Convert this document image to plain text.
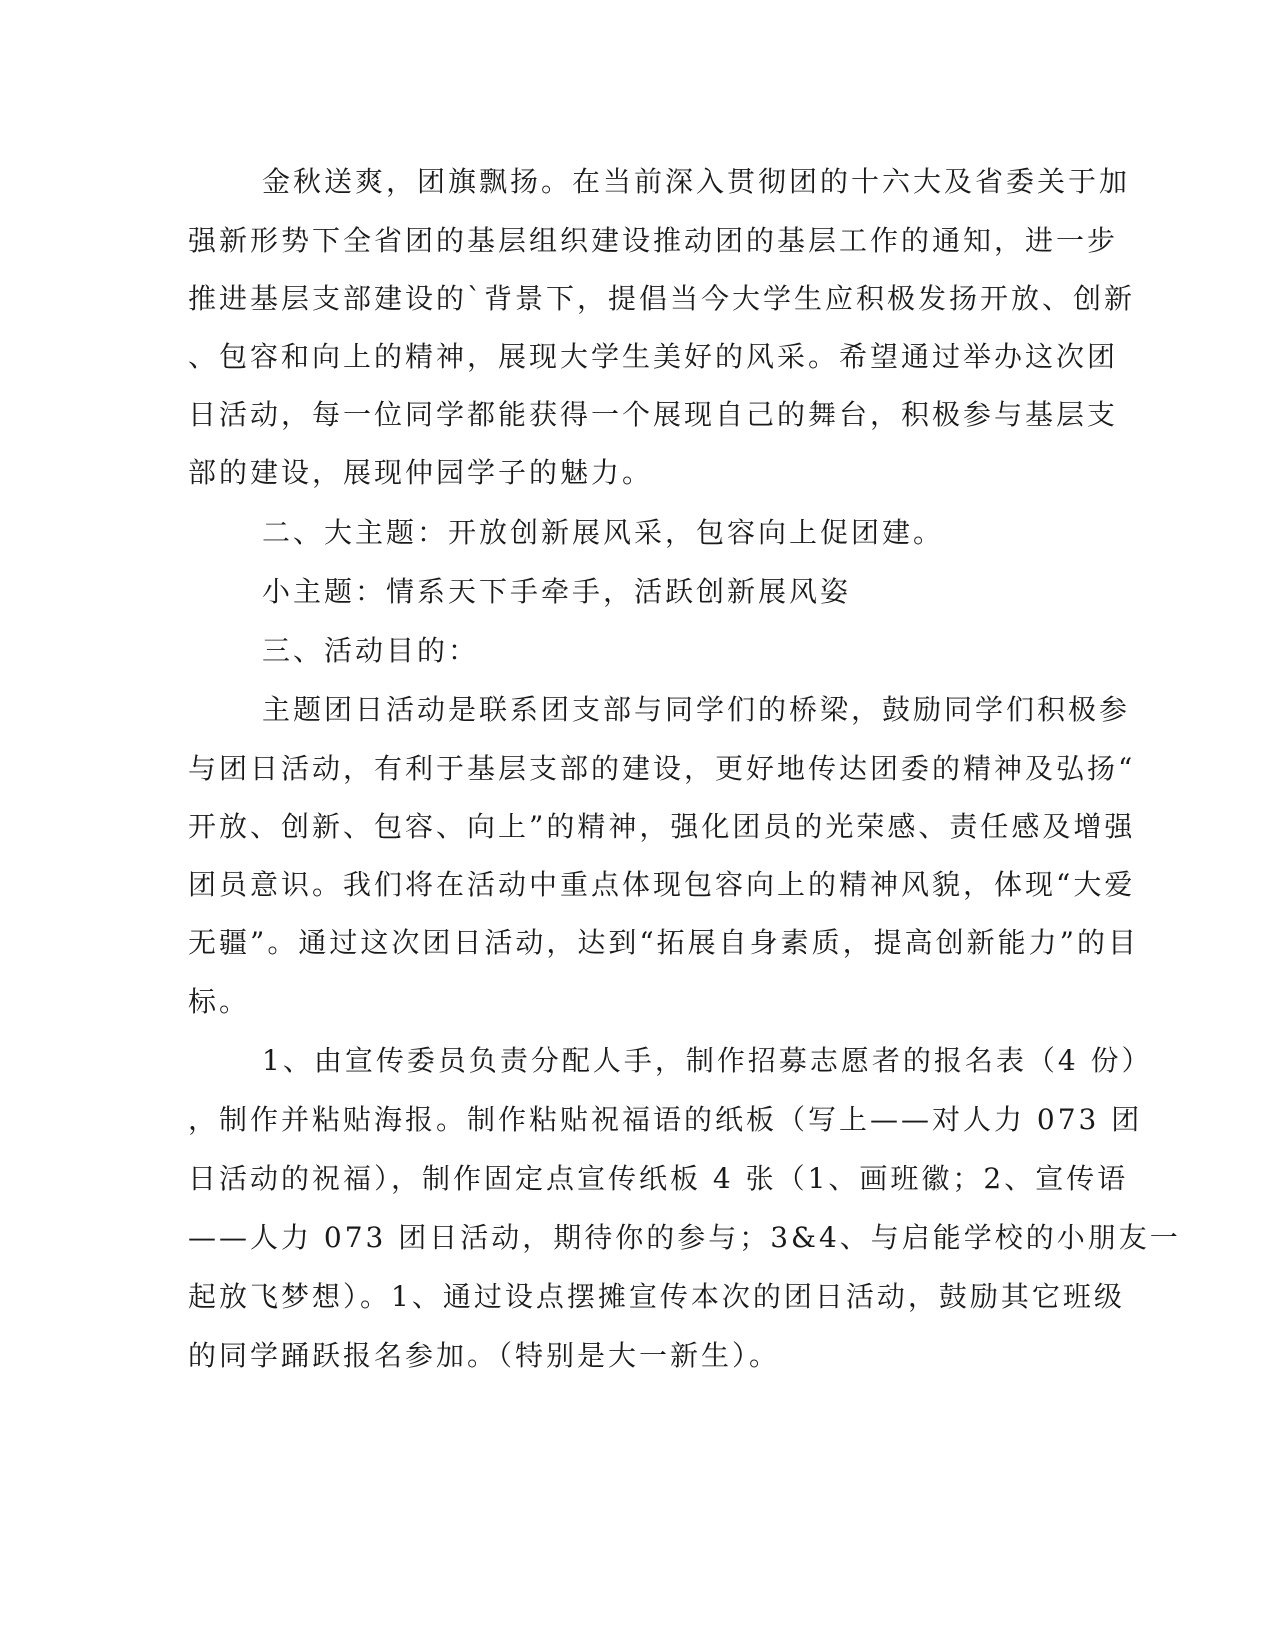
金秋送爽，团旗飘扬。在当前深入贯彻团的十六大及省委关于加
强新形势下全省团的基层组织建设推动团的基层工作的通知，进一步
推进基层支部建设的`背景下，提倡当今大学生应积极发扬开放、创新
、包容和向上的精神，展现大学生美好的风采。希望通过举办这次团
日活动，每一位同学都能获得一个展现自己的舞台，积极参与基层支
部的建设，展现仲园学子的魅力。
二、大主题：开放创新展风采，包容向上促团建。
小主题：情系天下手牵手，活跃创新展风姿
三、活动目的：
主题团日活动是联系团支部与同学们的桥梁，鼓励同学们积极参
与团日活动，有利于基层支部的建设，更好地传达团委的精神及弘扬“
开放、创新、包容、向上”的精神，强化团员的光荣感、责任感及增强
团员意识。我们将在活动中重点体现包容向上的精神风貌，体现“大爱
无疆”。通过这次团日活动，达到“拓展自身素质，提高创新能力”的目
标。
1、由宣传委员负责分配人手，制作招募志愿者的报名表（4 份）
，制作并粘贴海报。制作粘贴祝福语的纸板（写上——对人力 073 团
日活动的祝福），制作固定点宣传纸板 4 张（1、画班徽；2、宣传语
——人力 073 团日活动，期待你的参与；3&4、与启能学校的小朋友一
起放飞梦想）。1、通过设点摆摊宣传本次的团日活动，鼓励其它班级
的同学踊跃报名参加。（特别是大一新生）。
